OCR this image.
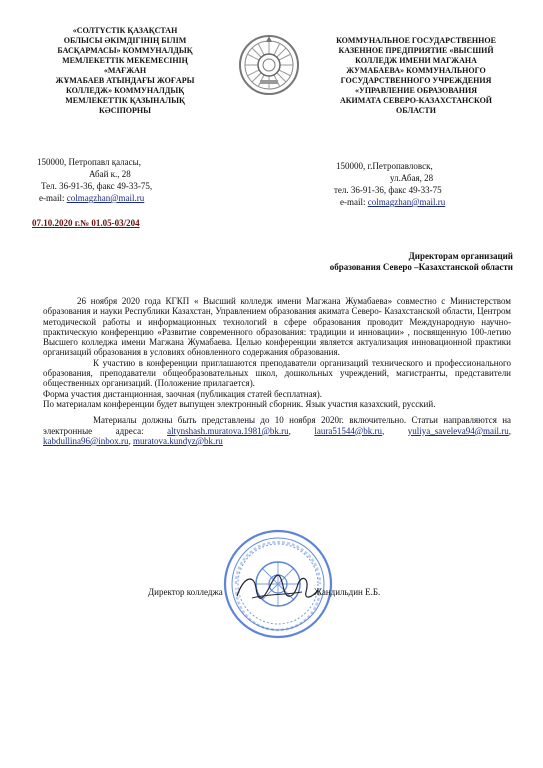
«СОЛТҮСТІК ҚАЗАҚСТАН
ОБЛЫСЫ ӘКІМДІГІНІҢ БІЛІМ
БАСҚАРМАСЫ» КОММУНАЛДЫҚ
МЕМЛЕКЕТТІК МЕКЕМЕСІНІҢ «МАҒЖАН
ЖҰМАБАЕВ АТЫНДАҒЫ ЖОҒАРЫ
КОЛЛЕДЖ» КОММУНАЛДЫҚ
МЕМЛЕКЕТТІК ҚАЗЫНАЛЫҚ
КӘСІПОРНЫ
КОММУНАЛЬНОЕ ГОСУДАРСТВЕННОЕ
КАЗЕННОЕ ПРЕДПРИЯТИЕ «ВЫСШИЙ
КОЛЛЕДЖ ИМЕНИ МАГЖАНА
ЖУМАБАЕВА» КОММУНАЛЬНОГО
ГОСУДАРСТВЕННОГО УЧРЕЖДЕНИЯ
«УПРАВЛЕНИЕ ОБРАЗОВАНИЯ
АКИМАТА СЕВЕРО-КАЗАХСТАНСКОЙ
ОБЛАСТИ
150000, Петропавл қаласы,
Абай к., 28
Тел. 36-91-36, факс 49-33-75,
e-mail: colmagzhan@mail.ru
150000, г.Петропавловск,
ул.Абая, 28
тел. 36-91-36, факс 49-33-75
e-mail: colmagzhan@mail.ru
07.10.2020 г.№ 01.05-03/204
Директорам организаций
образования Северо –Казахстанской области

26 ноября 2020 года КГКП « Высший колледж имени Магжана Жумабаева» совместно с Министерством образования и науки Республики Казахстан, Управлением образования акимата Северо- Казахстанской области, Центром методической работы и информационных технологий в сфере образования проводит Международную научно-практическую конференцию «Развитие современного образования: традиции и инновации» , посвященную 100-летию Высшего колледжа имени Магжана Жумабаева. Целью конференции является актуализация инновационной практики организаций образования в условиях обновленного содержания образования.

К участию в конференции приглашаются преподаватели организаций технического и профессионального образования, преподаватели общеобразовательных школ, дошкольных учреждений, магистранты, представители общественных организаций. (Положение прилагается).

Форма участия дистанционная, заочная (публикация статей бесплатная).

По материалам конференции будет выпущен электронный сборник. Язык участия казахский, русский.

Материалы должны быть представлены до 10 ноября 2020г. включительно. Статьи направляются на электронные адреса: altynshash.muratova.1981@bk.ru, laura51544@bk.ru, yuliya_saveleva94@mail.ru, kabdullina96@inbox.ru, muratova.kundyz@bk.ru

Директор колледжа	Жандильдин Е.Б.
